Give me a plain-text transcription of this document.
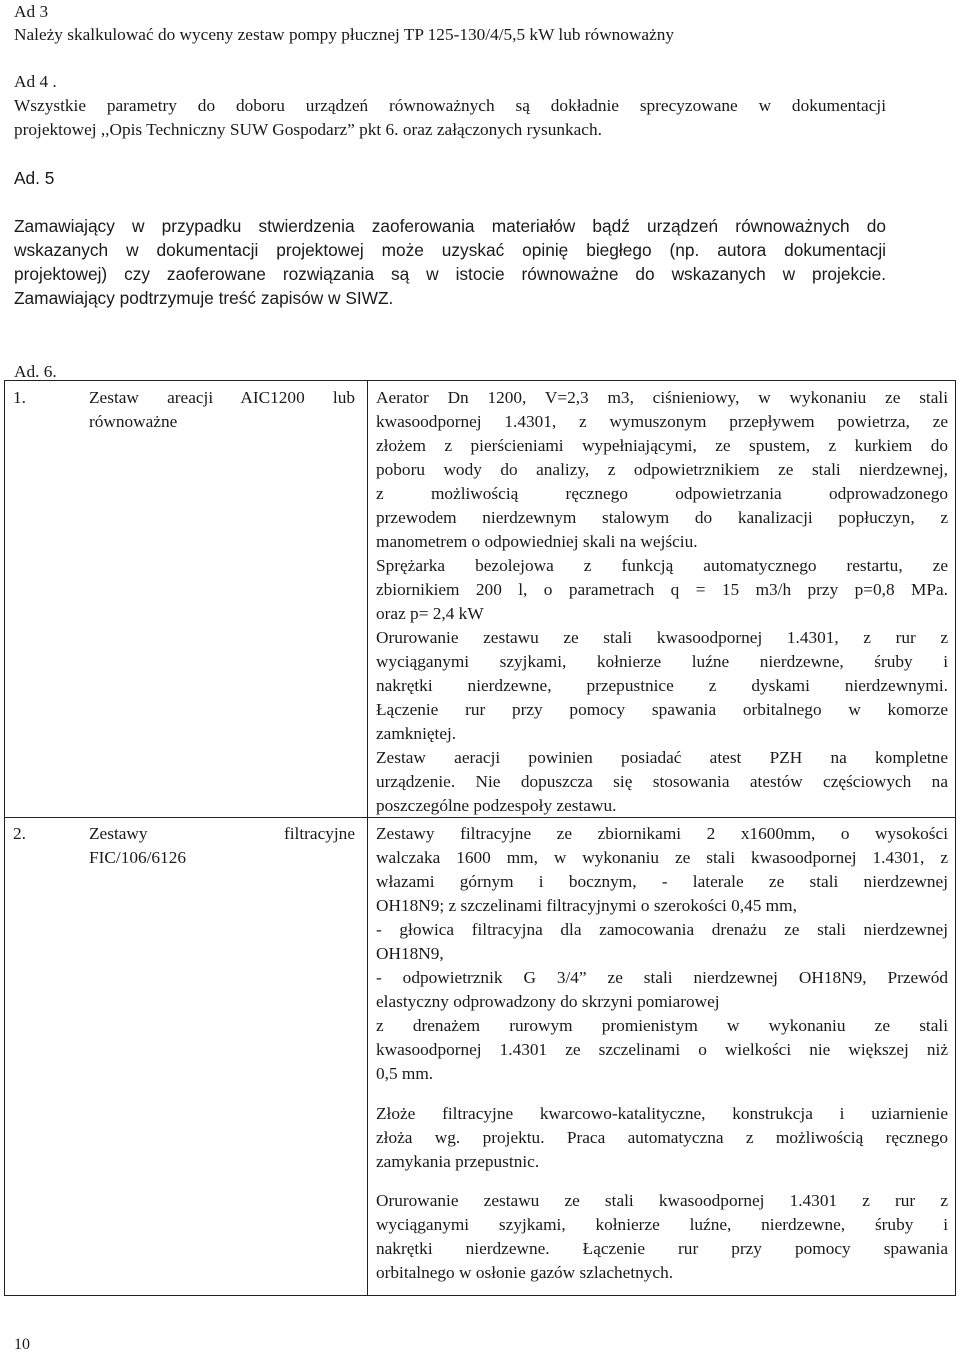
Ad 3
Należy skalkulować do wyceny zestaw pompy płucznej TP 125-130/4/5,5 kW lub równoważny
Ad 4 .
Wszystkie parametry do doboru urządzeń równoważnych są dokładnie sprecyzowane w dokumentacji
projektowej ,,Opis Techniczny SUW Gospodarz” pkt 6. oraz załączonych rysunkach.
Ad. 5
Zamawiający w przypadku stwierdzenia zaoferowania materiałów bądź urządzeń równoważnych do
wskazanych w dokumentacji projektowej może uzyskać opinię biegłego (np. autora dokumentacji
projektowej) czy zaoferowane rozwiązania są w istocie równoważne do wskazanych w projekcie.
Zamawiający podtrzymuje treść zapisów w SIWZ.
Ad. 6.
1.	Zestaw areacji AIC1200 lub
równoważne
Aerator Dn 1200, V=2,3 m3, ciśnieniowy, w wykonaniu ze stali
kwasoodpornej 1.4301, z wymuszonym przepływem powietrza, ze
złożem z pierścieniami wypełniającymi, ze spustem, z kurkiem do
poboru wody do analizy, z odpowietrznikiem ze stali nierdzewnej,
z możliwością ręcznego odpowietrzania odprowadzonego
przewodem nierdzewnym stalowym do kanalizacji popłuczyn, z
manometrem o odpowiedniej skali na wejściu.
Sprężarka bezolejowa z funkcją automatycznego restartu, ze
zbiornikiem 200 l, o parametrach q = 15 m3/h przy p=0,8 MPa.
oraz p= 2,4 kW
Orurowanie zestawu ze stali kwasoodpornej 1.4301, z rur z
wyciąganymi szyjkami, kołnierze luźne nierdzewne, śruby i
nakrętki nierdzewne, przepustnice z dyskami nierdzewnymi.
Łączenie rur przy pomocy spawania orbitalnego w komorze
zamkniętej.
Zestaw aeracji powinien posiadać atest PZH na kompletne
urządzenie. Nie dopuszcza się stosowania atestów częściowych na
poszczególne podzespoły zestawu.
2.	Zestawy filtracyjne
FIC/106/6126
Zestawy filtracyjne ze zbiornikami 2 x1600mm, o wysokości
walczaka 1600 mm, w wykonaniu ze stali kwasoodpornej 1.4301, z
włazami górnym i bocznym, - laterale ze stali nierdzewnej
OH18N9; z szczelinami filtracyjnymi o szerokości 0,45 mm,
- głowica filtracyjna dla zamocowania drenażu ze stali nierdzewnej
OH18N9,
- odpowietrznik G 3/4” ze stali nierdzewnej OH18N9, Przewód
elastyczny odprowadzony do skrzyni pomiarowej
z drenażem rurowym promienistym w wykonaniu ze stali
kwasoodpornej 1.4301 ze szczelinami o wielkości nie większej niż
0,5 mm.
Złoże filtracyjne kwarcowo-katalityczne, konstrukcja i uziarnienie
złoża wg. projektu. Praca automatyczna z możliwością ręcznego
zamykania przepustnic.
Orurowanie zestawu ze stali kwasoodpornej 1.4301 z rur z
wyciąganymi szyjkami, kołnierze luźne, nierdzewne, śruby i
nakrętki nierdzewne. Łączenie rur przy pomocy spawania
orbitalnego w osłonie gazów szlachetnych.
10
